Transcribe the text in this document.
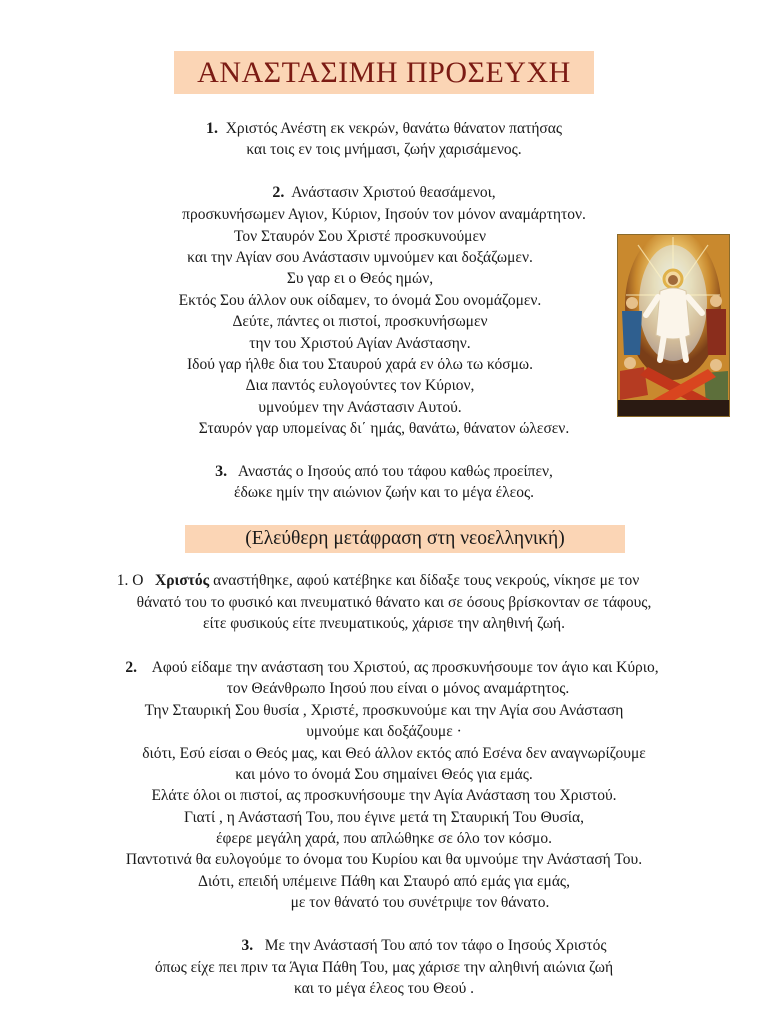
ΑΝΑΣΤΑΣΙΜΗ ΠΡΟΣΕΥΧΗ
1. Χριστός Ανέστη εκ νεκρών, θανάτω θάνατον πατήσας
και τοις εν τοις μνήμασι, ζωήν χαρισάμενος.
2. Ανάστασιν Χριστού θεασάμενοι,
προσκυνήσωμεν Αγιον, Κύριον, Ιησούν τον μόνον αναμάρτητον.
Τον Σταυρόν Σου Χριστέ προσκυνούμεν
και την Αγίαν σου Ανάστασιν υμνούμεν και δοξάζωμεν.
Συ γαρ ει ο Θεός ημών,
Εκτός Σου άλλον ουκ οίδαμεν, το όνομά Σου ονομάζομεν.
Δεύτε, πάντες οι πιστοί, προσκυνήσωμεν
την του Χριστού Αγίαν Ανάστασην.
Ιδού γαρ ήλθε δια του Σταυρού χαρά εν όλω τω κόσμω.
Δια παντός ευλογούντες τον Κύριον,
υμνούμεν την Ανάστασιν Αυτού.
Σταυρόν γαρ υπομείνας δι΄ ημάς, θανάτω, θάνατον ώλεσεν.
3. Αναστάς ο Ιησούς από του τάφου καθώς προείπεν,
έδωκε ημίν την αιώνιον ζωήν και το μέγα έλεος.
(Ελεύθερη μετάφραση στη νεοελληνική)
1. Ο Χριστός αναστήθηκε, αφού κατέβηκε και δίδαξε τους νεκρούς, νίκησε με τον
θάνατό του το φυσικό και πνευματικό θάνατο και σε όσους βρίσκονταν σε τάφους,
είτε φυσικούς είτε πνευματικούς, χάρισε την αληθινή ζωή.
2. Αφού είδαμε την ανάσταση του Χριστού, ας προσκυνήσουμε τον άγιο και Κύριο,
τον Θεάνθρωπο Ιησού που είναι ο μόνος αναμάρτητος.
Την Σταυρική Σου θυσία , Χριστέ, προσκυνούμε και την Αγία σου Ανάσταση
υμνούμε και δοξάζουμε ·
διότι, Εσύ είσαι ο Θεός μας, και Θεό άλλον εκτός από Εσένα δεν αναγνωρίζουμε
και μόνο το όνομά Σου σημαίνει Θεός για εμάς.
Ελάτε όλοι οι πιστοί, ας προσκυνήσουμε την Αγία Ανάσταση του Χριστού.
Γιατί , η Ανάστασή Του, που έγινε μετά τη Σταυρική Του Θυσία,
έφερε μεγάλη χαρά, που απλώθηκε σε όλο τον κόσμο.
Παντοτινά θα ευλογούμε το όνομα του Κυρίου και θα υμνούμε την Ανάστασή Του.
Διότι, επειδή υπέμεινε Πάθη και Σταυρό από εμάς για εμάς,
με τον θάνατό του συνέτριψε τον θάνατο.
3. Με την Ανάστασή Του από τον τάφο ο Ιησούς Χριστός
όπως είχε πει πριν τα Άγια Πάθη Του, μας χάρισε την αληθινή αιώνια ζωή
και το μέγα έλεος του Θεού .
